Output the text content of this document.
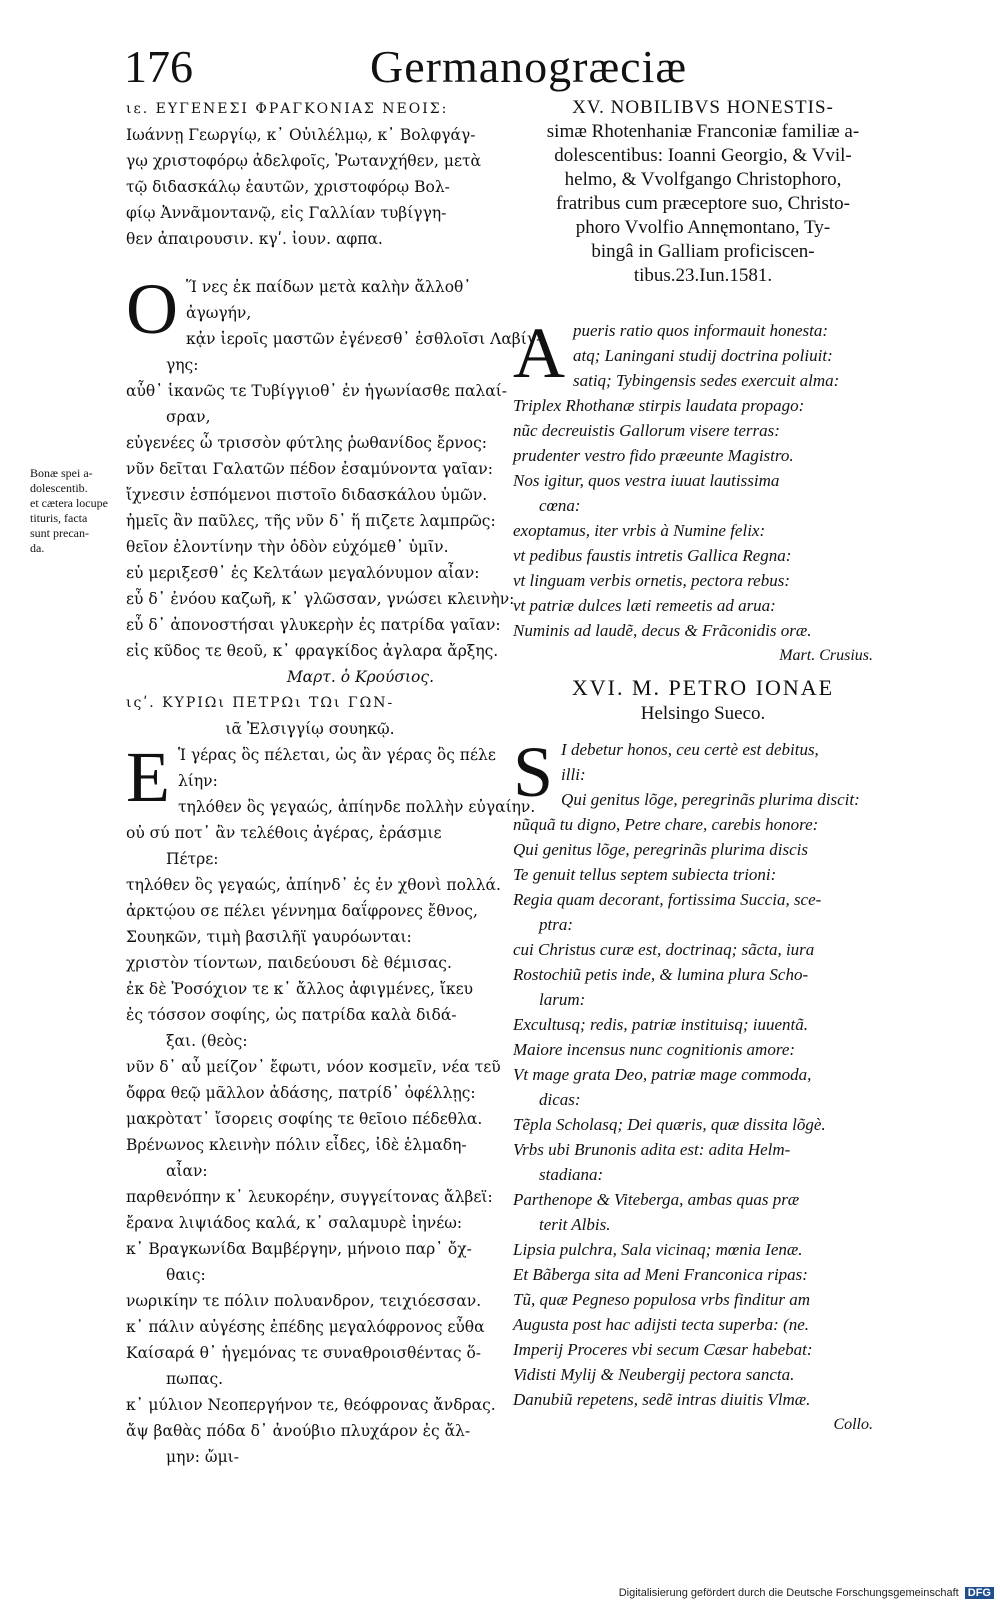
176	Germanogræciæ

ιε. ΕΥΓΕΝΕΣΙ ΦΡΑΓΚΟΝΙΑΣ ΝΕΟΙΣ:

Ιωάννῃ Γεωργίῳ, κ᾽ Οὐιλέλμῳ, κ᾽ Βολφγάγ-

γῳ χριστοφόρῳ ἀδελφοῖς, Ῥωτανχήθεν, μετὰ

τῷ διδασκάλῳ ἑαυτῶν, χριστοφόρῳ Βολ-

φίῳ Ἀννᾶμοντανῷ, εἰς Γαλλίαν τυβίγγη-

θεν ἀπαιρουσιν. κγʹ. ἰουν. αφπα.

O Ἵ νες ἐκ παίδων μετὰ καλὴν ἄλλοθ᾽

ἀγωγήν,

κᾀν ἱεροῖς μαστῶν ἐγένεσθ᾽ ἐσθλοῖσι Λαβίγ-

γης:

αὖθ᾽ ἱκανῶς τε Τυβίγγιοθ᾽ ἐν ἡγωνίασθε παλαί-

σραν,

εὐγενέες ὦ τρισσὸν φύτλης ῥωθανίδος ἔρνος:

νῦν δεῖται Γαλατῶν πέδον ἐσαμύνοντα γαῖαν:

ἴχνεσιν ἑσπόμενοι πιστοῖο διδασκάλου ὑμῶν.

ἡμεῖς ἂν παῦλες, τῆς νῦν δ᾽ ἥ πιζετε λαμπρῶς:

θεῖον ἐλοντίνην τὴν ὁδὸν εὐχόμεθ᾽ ὑμῖν.

εὐ μεριξεσθ᾽ ἐς Κελτάων μεγαλόνυμον αἶαν:

εὖ δ᾽ ἐνόου καζωῆ, κ᾽ γλῶσσαν, γνώσει κλεινὴν:

εὖ δ᾽ ἀπονοστήσαι γλυκερὴν ἐς πατρίδα γαῖαν:

εἰς κῦδος τε θεοῦ, κ᾽ φραγκίδος ἀγλαρα ἄρξης.

Μαρτ. ὁ Κρούσιος.

ιςʹ. ΚΥΡΙΩι ΠΕΤΡΩι ΤΩι ΓΩΝ-

ιᾶ Ἐλσιγγίῳ σουηκῷ.

E Ἱ γέρας ὃς πέλεται, ὡς ἂν γέρας ὃς πέλε

λίην:

τηλόθεν ὃς γεγαώς, ἀπίηνδε πολλὴν εὐγαίην.

οὐ σύ ποτ᾽ ἂν τελέθοις ἀγέρας, ἐράσμιε

Πέτρε:

τηλόθεν ὃς γεγαώς, ἀπίηνδ᾽ ἐς ἐν χθονὶ πολλά.

ἀρκτῴου σε πέλει γέννημα δαΐφρονες ἔθνος,

Σουηκῶν, τιμὴ βασιλῆϊ γαυρόωνται:

χριστὸν τίοντων, παιδεύουσι δὲ θέμισας.

ἐκ δὲ Ῥοσόχιον τε κ᾽ ἄλλος ἀφιγμένες, ἴκευ

ἐς τόσσον σοφίης, ὡς πατρίδα καλὰ διδά-

ξαι. (θεὸς:

νῦν δ᾽ αὖ μείζον᾽ ἔφωτι, νόον κοσμεῖν, νέα τεῦ

ὄφρα θεῷ μᾶλλον ἀδάσης, πατρίδ᾽ ὀφέλλῃς:

μακρὸτατ᾽ ἴσορεις σοφίης τε θεῖοιο πέδεθλα.

Βρένωνος κλεινὴν πόλιν εἶδες, ἰδὲ ἑλμαδη-

αἶαν:

παρθενόπην κ᾽ λευκορέην, συγγείτονας ἄλβεϊ:

ἔρανα λιψιάδος καλά, κ᾽ σαλαμυρὲ ἰηνέω:

κ᾽ Βραγκωνίδα Βαμβέργην, μήνοιο παρ᾽ ὄχ-

θαις:

νωρικίην τε πόλιν πολυανδρον, τειχιόεσσαν.

κ᾽ πάλιν αὐγέσης ἐπέδης μεγαλόφρονος εὖθα

Καίσαρά θ᾽ ἡγεμόνας τε συναθροισθέντας ὅ-

πωπας.

κ᾽ μύλιον Νεοπεργήνον τε, θεόφρονας ἄνδρας.

ἄψ βαθὰς πόδα δ᾽ ἀνούβιο πλυχάρον ἐς ἄλ-

μην: ὤμι-

Bonæ spei a-

dolescentib.

et cætera locupe

tituris, facta

sunt precan-

da.

XV. NOBILIBVS HONESTIS-

simæ Rhotenhaniæ Franconiæ familiæ a-

dolescentibus: Ioanni Georgio, & Vvil-

helmo, & Vvolfgango Christophoro,

fratribus cum præceptore suo, Christo-

phoro Vvolfio Annęmontano, Ty-

bingâ in Galliam proficiscen-

tibus.23.Iun.1581.

A pueris ratio quos informauit honesta:

atq; Laningani studij doctrina poliuit:

satiq; Tybingensis sedes exercuit alma:

Triplex Rhothanæ stirpis laudata propago:

nũc decreuistis Gallorum visere terras:

prudenter vestro fido præeunte Magistro.

Nos igitur, quos vestra iuuat lautissima

cœna:

exoptamus, iter vrbis à Numine felix:

vt pedibus faustis intretis Gallica Regna:

vt linguam verbis ornetis, pectora rebus:

vt patriæ dulces læti remeetis ad arua:

Numinis ad laudẽ, decus & Frãconidis oræ.

Mart. Crusius.

XVI. M. PETRO IONAE

Helsingo Sueco.

S I debetur honos, ceu certè est debitus,

illi:

Qui genitus lõge, peregrinãs plurima discit:

nũquã tu digno, Petre chare, carebis honore:

Qui genitus lõge, peregrinãs plurima discis

Te genuit tellus septem subiecta trioni:

Regia quam decorant, fortissima Succia, sce-

ptra:

cui Christus curæ est, doctrinaq; sãcta, iura

Rostochiũ petis inde, & lumina plura Scho-

larum:

Excultusq; redis, patriæ instituisq; iuuentã.

Maiore incensus nunc cognitionis amore:

Vt mage grata Deo, patriæ mage commoda,

dicas:

Tẽpla Scholasq; Dei quæris, quæ dissita lõgè.

Vrbs ubi Brunonis adita est: adita Helm-

stadiana:

Parthenope & Viteberga, ambas quas præ

terit Albis.

Lipsia pulchra, Sala vicinaq; mœnia Ienæ.

Et Bãberga sita ad Meni Franconica ripas:

Tũ, quæ Pegneso populosa vrbs finditur am

Augusta post hac adijsti tecta superba: (ne.

Imperij Proceres vbi secum Cæsar habebat:

Vidisti Mylij & Neubergij pectora sancta.

Danubiũ repetens, sedẽ intras diuitis Vlmæ.

Collo.

Digitalisierung gefördert durch die Deutsche Forschungsgemeinschaft DFG
